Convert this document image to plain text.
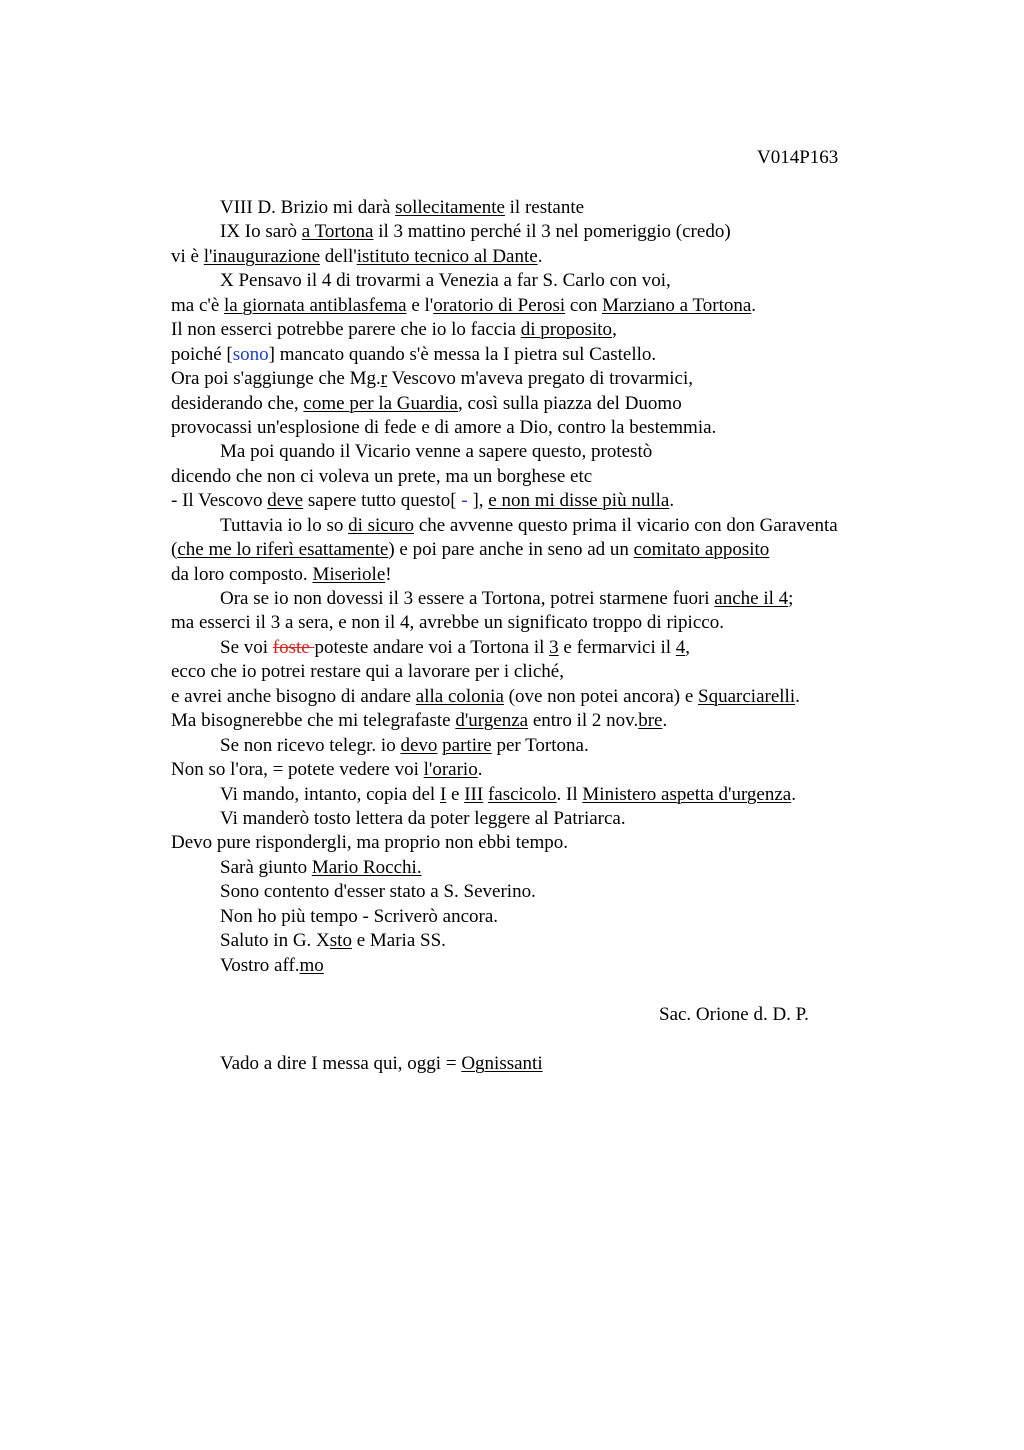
V014P163
VIII D. Brizio mi darà sollecitamente il restante
IX Io sarò a Tortona il 3 mattino perché il 3 nel pomeriggio (credo)
vi è l'inaugurazione dell'istituto tecnico al Dante.
X Pensavo il 4 di trovarmi a Venezia a far S. Carlo con voi,
ma c'è la giornata antiblasfema e l'oratorio di Perosi con Marziano a Tortona.
Il non esserci potrebbe parere che io lo faccia di proposito,
poiché [sono] mancato quando s'è messa la I pietra sul Castello.
Ora poi s'aggiunge che Mg.r Vescovo m'aveva pregato di trovarmici,
desiderando che, come per la Guardia, così sulla piazza del Duomo
provocassi un'esplosione di fede e di amore a Dio, contro la bestemmia.
Ma poi quando il Vicario venne a sapere questo, protestò
dicendo che non ci voleva un prete, ma un borghese etc
- Il Vescovo deve sapere tutto questo[ - ], e non mi disse più nulla.
Tuttavia io lo so di sicuro che avvenne questo prima il vicario con don Garaventa
(che me lo riferì esattamente) e poi pare anche in seno ad un comitato apposito
da loro composto. Miseriole!
Ora se io non dovessi il 3 essere a Tortona, potrei starmene fuori anche il 4;
ma esserci il 3 a sera, e non il 4, avrebbe un significato troppo di ripicco.
Se voi foste poteste andare voi a Tortona il 3 e fermarvici il 4,
ecco che io potrei restare qui a lavorare per i cliché,
e avrei anche bisogno di andare alla colonia (ove non potei ancora) e Squarciarelli.
Ma bisognerebbe che mi telegrafaste d'urgenza entro il 2 nov.bre.
Se non ricevo telegr. io devo partire per Tortona.
Non so l'ora, = potete vedere voi l'orario.
Vi mando, intanto, copia del I e III fascicolo. Il Ministero aspetta d'urgenza.
Vi manderò tosto lettera da poter leggere al Patriarca.
Devo pure rispondergli, ma proprio non ebbi tempo.
Sarà giunto Mario Rocchi.
Sono contento d'esser stato a S. Severino.
Non ho più tempo - Scriverò ancora.
Saluto in G. Xsto e Maria SS.
Vostro aff.mo
Sac. Orione d. D. P.
Vado a dire I messa qui, oggi = Ognissanti
